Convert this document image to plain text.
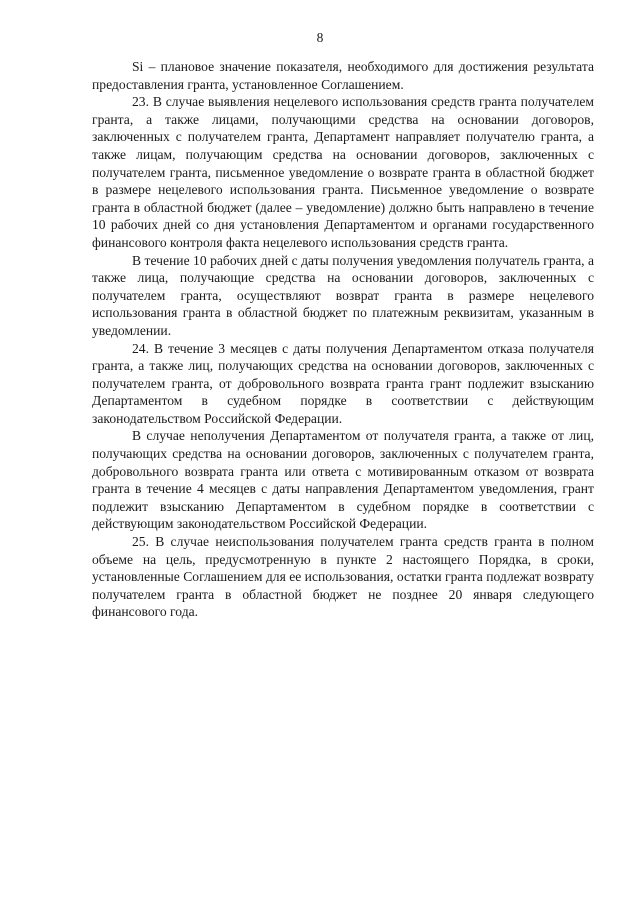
8

Si – плановое значение показателя, необходимого для достижения результата предоставления гранта, установленное Соглашением.

23. В случае выявления нецелевого использования средств гранта получателем гранта, а также лицами, получающими средства на основании договоров, заключенных с получателем гранта, Департамент направляет получателю гранта, а также лицам, получающим средства на основании договоров, заключенных с получателем гранта, письменное уведомление о возврате гранта в областной бюджет в размере нецелевого использования гранта. Письменное уведомление о возврате гранта в областной бюджет (далее – уведомление) должно быть направлено в течение 10 рабочих дней со дня установления Департаментом и органами государственного финансового контроля факта нецелевого использования средств гранта.

В течение 10 рабочих дней с даты получения уведомления получатель гранта, а также лица, получающие средства на основании договоров, заключенных с получателем гранта, осуществляют возврат гранта в размере нецелевого использования гранта в областной бюджет по платежным реквизитам, указанным в уведомлении.

24. В течение 3 месяцев с даты получения Департаментом отказа получателя гранта, а также лиц, получающих средства на основании договоров, заключенных с получателем гранта, от добровольного возврата гранта грант подлежит взысканию Департаментом в судебном порядке в соответствии с действующим законодательством Российской Федерации.

В случае неполучения Департаментом от получателя гранта, а также от лиц, получающих средства на основании договоров, заключенных с получателем гранта, добровольного возврата гранта или ответа с мотивированным отказом от возврата гранта в течение 4 месяцев с даты направления Департаментом уведомления, грант подлежит взысканию Департаментом в судебном порядке в соответствии с действующим законодательством Российской Федерации.

25. В случае неиспользования получателем гранта средств гранта в полном объеме на цель, предусмотренную в пункте 2 настоящего Порядка, в сроки, установленные Соглашением для ее использования, остатки гранта подлежат возврату получателем гранта в областной бюджет не позднее 20 января следующего финансового года.
